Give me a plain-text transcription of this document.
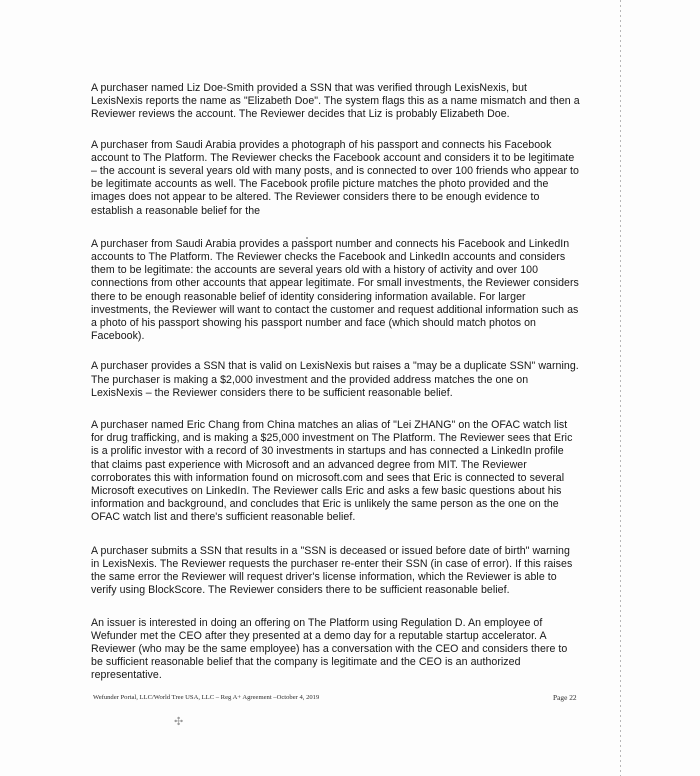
A purchaser named Liz Doe-Smith provided a SSN that was verified through LexisNexis, but LexisNexis reports the name as "Elizabeth Doe". The system flags this as a name mismatch and then a Reviewer reviews the account. The Reviewer decides that Liz is probably Elizabeth Doe.

A purchaser from Saudi Arabia provides a photograph of his passport and connects his Facebook account to The Platform. The Reviewer checks the Facebook account and considers it to be legitimate – the account is several years old with many posts, and is connected to over 100 friends who appear to be legitimate accounts as well. The Facebook profile picture matches the photo provided and the images does not appear to be altered. The Reviewer considers there to be enough evidence to establish a reasonable belief for the

A purchaser from Saudi Arabia provides a passport number and connects his Facebook and LinkedIn accounts to The Platform. The Reviewer checks the Facebook and LinkedIn accounts and considers them to be legitimate: the accounts are several years old with a history of activity and over 100 connections from other accounts that appear legitimate. For small investments, the Reviewer considers there to be enough reasonable belief of identity considering information available. For larger investments, the Reviewer will want to contact the customer and request additional information such as a photo of his passport showing his passport number and face (which should match photos on Facebook).

A purchaser provides a SSN that is valid on LexisNexis but raises a "may be a duplicate SSN" warning. The purchaser is making a $2,000 investment and the provided address matches the one on LexisNexis – the Reviewer considers there to be sufficient reasonable belief.

A purchaser named Eric Chang from China matches an alias of "Lei ZHANG" on the OFAC watch list for drug trafficking, and is making a $25,000 investment on The Platform. The Reviewer sees that Eric is a prolific investor with a record of 30 investments in startups and has connected a LinkedIn profile that claims past experience with Microsoft and an advanced degree from MIT. The Reviewer corroborates this with information found on microsoft.com and sees that Eric is connected to several Microsoft executives on LinkedIn. The Reviewer calls Eric and asks a few basic questions about his information and background, and concludes that Eric is unlikely the same person as the one on the OFAC watch list and there's sufficient reasonable belief.

A purchaser submits a SSN that results in a "SSN is deceased or issued before date of birth" warning in LexisNexis. The Reviewer requests the purchaser re-enter their SSN (in case of error). If this raises the same error the Reviewer will request driver's license information, which the Reviewer is able to verify using BlockScore. The Reviewer considers there to be sufficient reasonable belief.

An issuer is interested in doing an offering on The Platform using Regulation D. An employee of Wefunder met the CEO after they presented at a demo day for a reputable startup accelerator. A Reviewer (who may be the same employee) has a conversation with the CEO and considers there to be sufficient reasonable belief that the company is legitimate and the CEO is an authorized representative.

Wefunder Portal, LLC/World Tree USA, LLC – Reg A+ Agreement –October 4, 2019	Page 22
✣
